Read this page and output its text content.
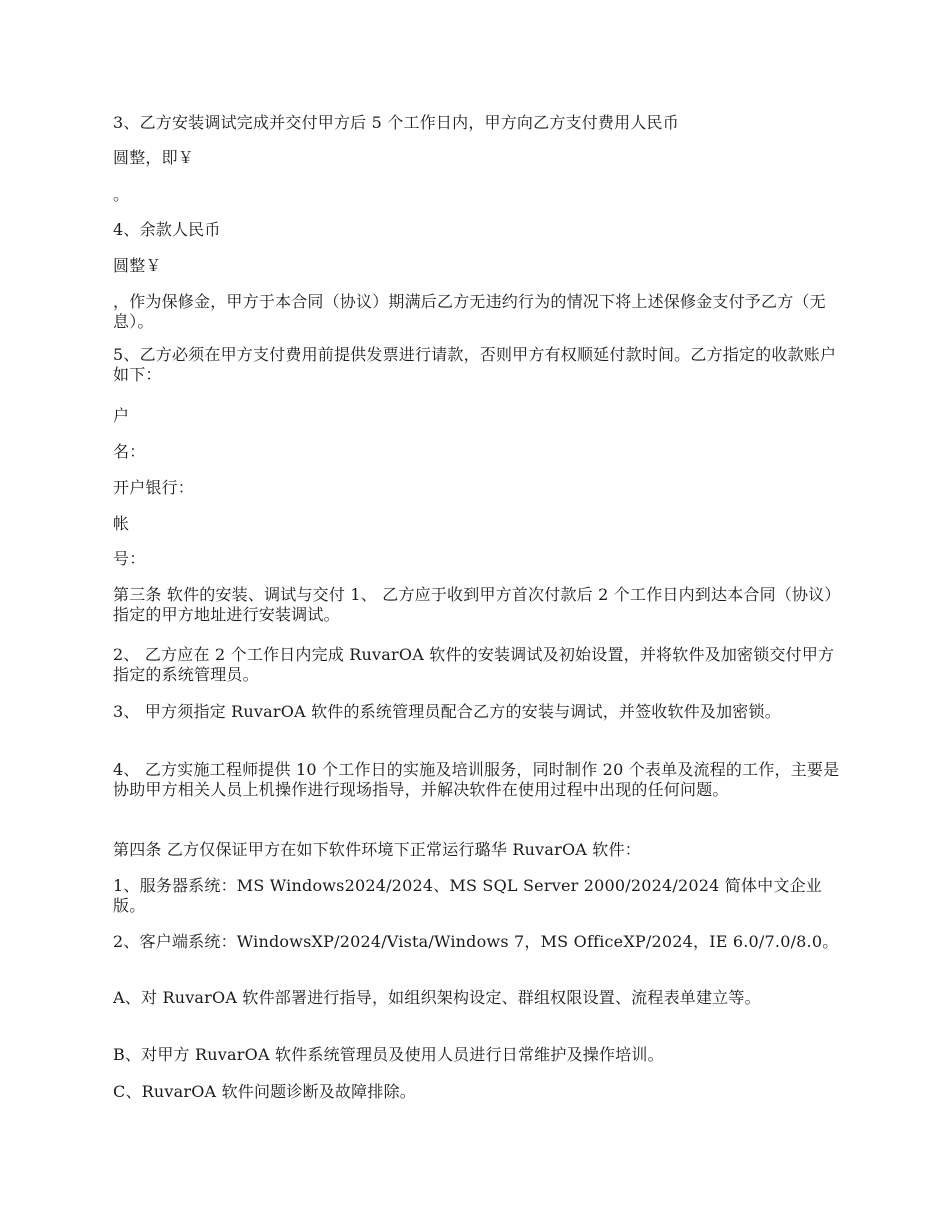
3、乙方安装调试完成并交付甲方后 5 个工作日内，甲方向乙方支付费用人民币

圆整，即￥

。

4、余款人民币

圆整￥

，作为保修金，甲方于本合同（协议）期满后乙方无违约行为的情况下将上述保修金支付予乙方（无息）。

5、乙方必须在甲方支付费用前提供发票进行请款，否则甲方有权顺延付款时间。乙方指定的收款账户如下：

户

名：

开户银行：

帐

号：

第三条 软件的安装、调试与交付 1、 乙方应于收到甲方首次付款后 2 个工作日内到达本合同（协议）指定的甲方地址进行安装调试。

2、 乙方应在 2 个工作日内完成 RuvarOA 软件的安装调试及初始设置，并将软件及加密锁交付甲方指定的系统管理员。

3、 甲方须指定 RuvarOA 软件的系统管理员配合乙方的安装与调试，并签收软件及加密锁。

4、 乙方实施工程师提供 10 个工作日的实施及培训服务，同时制作 20 个表单及流程的工作，主要是协助甲方相关人员上机操作进行现场指导，并解决软件在使用过程中出现的任何问题。

第四条 乙方仅保证甲方在如下软件环境下正常运行璐华 RuvarOA 软件：

1、服务器系统：MS Windows2024/2024、MS SQL Server 2000/2024/2024 简体中文企业版。

2、客户端系统：WindowsXP/2024/Vista/Windows 7，MS OfficeXP/2024，IE 6.0/7.0/8.0。

A、对 RuvarOA 软件部署进行指导，如组织架构设定、群组权限设置、流程表单建立等。

B、对甲方 RuvarOA 软件系统管理员及使用人员进行日常维护及操作培训。

C、RuvarOA 软件问题诊断及故障排除。
